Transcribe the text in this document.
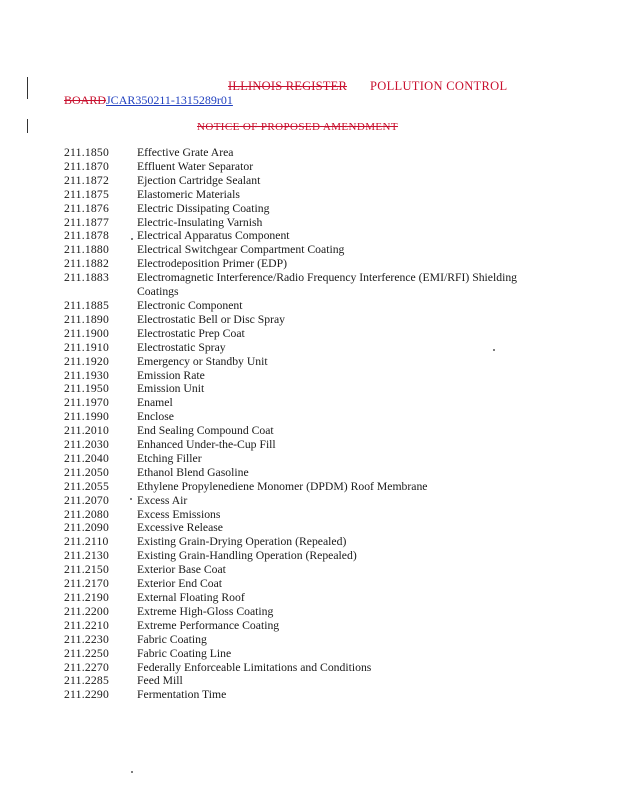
ILLINOIS REGISTER POLLUTION CONTROL
BOARDJCAR350211-1315289r01
NOTICE OF PROPOSED AMENDMENT
211.1850	Effective Grate Area
211.1870	Effluent Water Separator
211.1872	Ejection Cartridge Sealant
211.1875	Elastomeric Materials
211.1876	Electric Dissipating Coating
211.1877	Electric-Insulating Varnish
211.1878	Electrical Apparatus Component
211.1880	Electrical Switchgear Compartment Coating
211.1882	Electrodeposition Primer (EDP)
211.1883	Electromagnetic Interference/Radio Frequency Interference (EMI/RFI) Shielding
Coatings
211.1885	Electronic Component
211.1890	Electrostatic Bell or Disc Spray
211.1900	Electrostatic Prep Coat
211.1910	Electrostatic Spray
211.1920	Emergency or Standby Unit
211.1930	Emission Rate
211.1950	Emission Unit
211.1970	Enamel
211.1990	Enclose
211.2010	End Sealing Compound Coat
211.2030	Enhanced Under-the-Cup Fill
211.2040	Etching Filler
211.2050	Ethanol Blend Gasoline
211.2055	Ethylene Propylenediene Monomer (DPDM) Roof Membrane
211.2070	Excess Air
211.2080	Excess Emissions
211.2090	Excessive Release
211.2110	Existing Grain-Drying Operation (Repealed)
211.2130	Existing Grain-Handling Operation (Repealed)
211.2150	Exterior Base Coat
211.2170	Exterior End Coat
211.2190	External Floating Roof
211.2200	Extreme High-Gloss Coating
211.2210	Extreme Performance Coating
211.2230	Fabric Coating
211.2250	Fabric Coating Line
211.2270	Federally Enforceable Limitations and Conditions
211.2285	Feed Mill
211.2290	Fermentation Time
